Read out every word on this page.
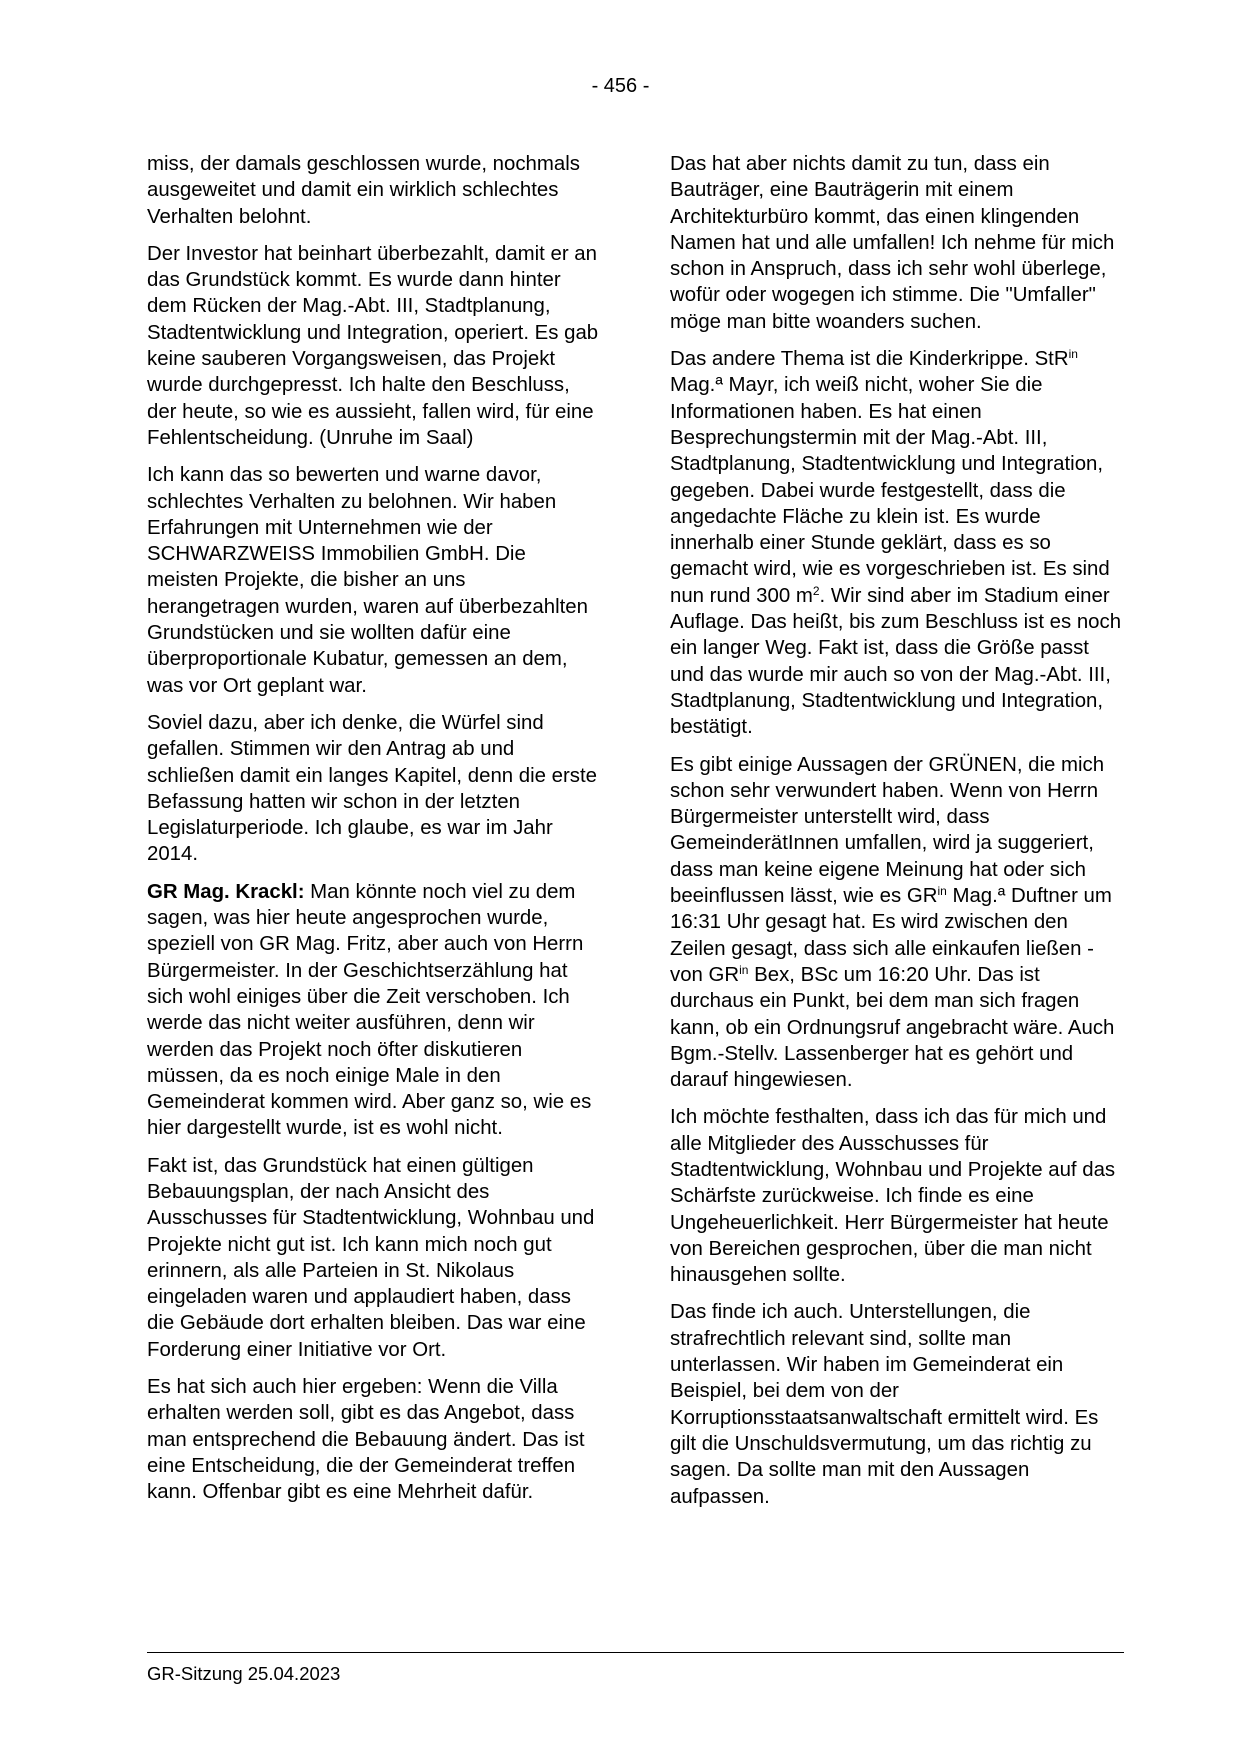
- 456 -

miss, der damals geschlossen wurde, nochmals ausgeweitet und damit ein wirklich schlechtes Verhalten belohnt.

Der Investor hat beinhart überbezahlt, damit er an das Grundstück kommt. Es wurde dann hinter dem Rücken der Mag.-Abt. III, Stadtplanung, Stadtentwicklung und Integration, operiert. Es gab keine sauberen Vorgangsweisen, das Projekt wurde durchgepresst. Ich halte den Beschluss, der heute, so wie es aussieht, fallen wird, für eine Fehlentscheidung. (Unruhe im Saal)

Ich kann das so bewerten und warne davor, schlechtes Verhalten zu belohnen. Wir haben Erfahrungen mit Unternehmen wie der SCHWARZWEISS Immobilien GmbH. Die meisten Projekte, die bisher an uns herangetragen wurden, waren auf überbezahlten Grundstücken und sie wollten dafür eine überproportionale Kubatur, gemessen an dem, was vor Ort geplant war.

Soviel dazu, aber ich denke, die Würfel sind gefallen. Stimmen wir den Antrag ab und schließen damit ein langes Kapitel, denn die erste Befassung hatten wir schon in der letzten Legislaturperiode. Ich glaube, es war im Jahr 2014.

GR Mag. Krackl: Man könnte noch viel zu dem sagen, was hier heute angesprochen wurde, speziell von GR Mag. Fritz, aber auch von Herrn Bürgermeister. In der Geschichtserzählung hat sich wohl einiges über die Zeit verschoben. Ich werde das nicht weiter ausführen, denn wir werden das Projekt noch öfter diskutieren müssen, da es noch einige Male in den Gemeinderat kommen wird. Aber ganz so, wie es hier dargestellt wurde, ist es wohl nicht.

Fakt ist, das Grundstück hat einen gültigen Bebauungsplan, der nach Ansicht des Ausschusses für Stadtentwicklung, Wohnbau und Projekte nicht gut ist. Ich kann mich noch gut erinnern, als alle Parteien in St. Nikolaus eingeladen waren und applaudiert haben, dass die Gebäude dort erhalten bleiben. Das war eine Forderung einer Initiative vor Ort.

Es hat sich auch hier ergeben: Wenn die Villa erhalten werden soll, gibt es das Angebot, dass man entsprechend die Bebauung ändert. Das ist eine Entscheidung, die der Gemeinderat treffen kann. Offenbar gibt es eine Mehrheit dafür.

Das hat aber nichts damit zu tun, dass ein Bauträger, eine Bauträgerin mit einem Architekturbüro kommt, das einen klingenden Namen hat und alle umfallen! Ich nehme für mich schon in Anspruch, dass ich sehr wohl überlege, wofür oder wogegen ich stimme. Die "Umfaller" möge man bitte woanders suchen.

Das andere Thema ist die Kinderkrippe. StR$^{in}$ Mag.ª Mayr, ich weiß nicht, woher Sie die Informationen haben. Es hat einen Besprechungstermin mit der Mag.-Abt. III, Stadtplanung, Stadtentwicklung und Integration, gegeben. Dabei wurde festgestellt, dass die angedachte Fläche zu klein ist. Es wurde innerhalb einer Stunde geklärt, dass es so gemacht wird, wie es vorgeschrieben ist. Es sind nun rund 300 $m^2$. Wir sind aber im Stadium einer Auflage. Das heißt, bis zum Beschluss ist es noch ein langer Weg. Fakt ist, dass die Größe passt und das wurde mir auch so von der Mag.-Abt. III, Stadtplanung, Stadtentwicklung und Integration, bestätigt.

Es gibt einige Aussagen der GRÜNEN, die mich schon sehr verwundert haben. Wenn von Herrn Bürgermeister unterstellt wird, dass GemeinderätInnen umfallen, wird ja suggeriert, dass man keine eigene Meinung hat oder sich beeinflussen lässt, wie es $GR^{in}$ Mag.ª Duftner um 16:31 Uhr gesagt hat. Es wird zwischen den Zeilen gesagt, dass sich alle einkaufen ließen - von $GR^{in}$ Bex, BSc um 16:20 Uhr. Das ist durchaus ein Punkt, bei dem man sich fragen kann, ob ein Ordnungsruf angebracht wäre. Auch Bgm.-Stellv. Lassenberger hat es gehört und darauf hingewiesen.

Ich möchte festhalten, dass ich das für mich und alle Mitglieder des Ausschusses für Stadtentwicklung, Wohnbau und Projekte auf das Schärfste zurückweise. Ich finde es eine Ungeheuerlichkeit. Herr Bürgermeister hat heute von Bereichen gesprochen, über die man nicht hinausgehen sollte.

Das finde ich auch. Unterstellungen, die strafrechtlich relevant sind, sollte man unterlassen. Wir haben im Gemeinderat ein Beispiel, bei dem von der Korruptionsstaatsanwaltschaft ermittelt wird. Es gilt die Unschuldsvermutung, um das richtig zu sagen. Da sollte man mit den Aussagen aufpassen.

GR-Sitzung 25.04.2023
